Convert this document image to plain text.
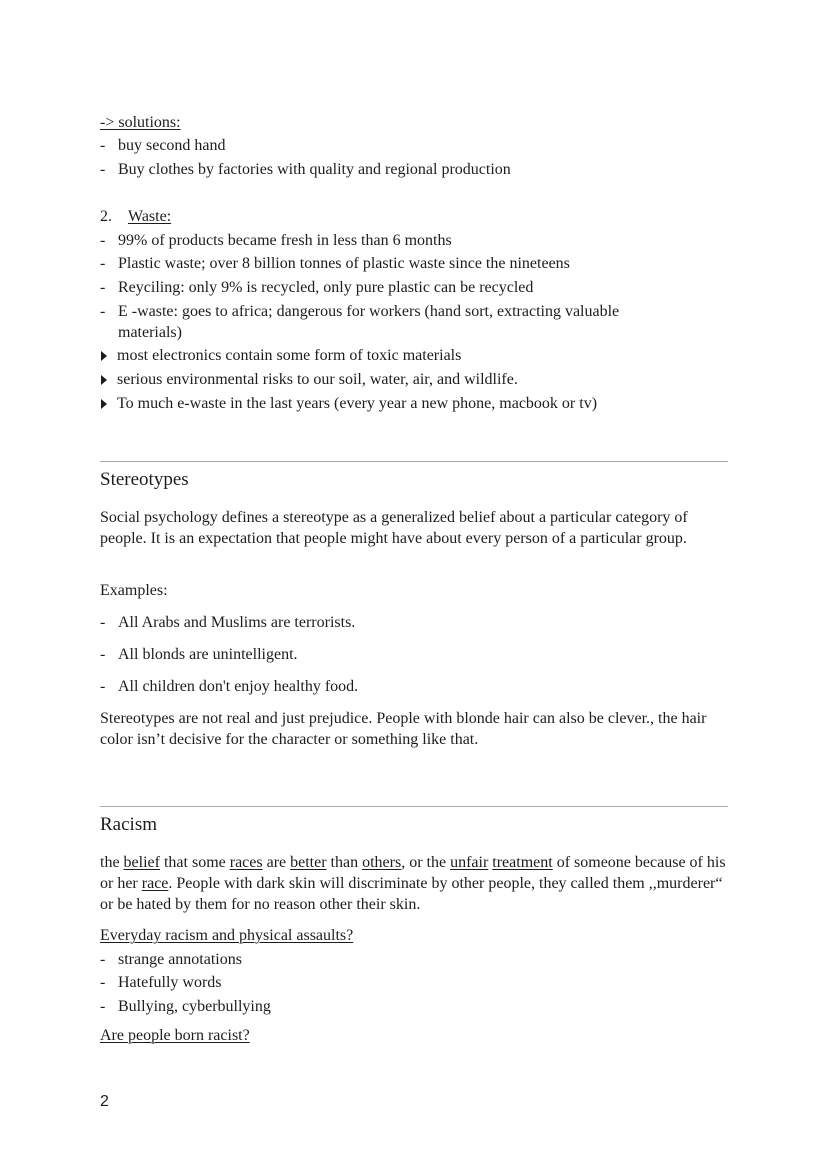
-> solutions:
- buy second hand
- Buy clothes by factories with quality and regional production
2. Waste:
- 99% of products became fresh in less than 6 months
- Plastic waste; over 8 billion tonnes of plastic waste since the nineteens
- Reyciling: only 9% is recycled, only pure plastic can be recycled
- E -waste: goes to africa; dangerous for workers (hand sort, extracting valuable
materials)
most electronics contain some form of toxic materials
serious environmental risks to our soil, water, air, and wildlife.
To much e-waste in the last years (every year a new phone, macbook or tv)
Stereotypes
Social psychology defines a stereotype as a generalized belief about a particular category of people. It is an expectation that people might have about every person of a particular group.
Examples:
- All Arabs and Muslims are terrorists.
- All blonds are unintelligent.
- All children don't enjoy healthy food.
Stereotypes are not real and just prejudice. People with blonde hair can also be clever., the hair color isn’t decisive for the character or something like that.
Racism
the belief that some races are better than others, or the unfair treatment of someone because of his or her race. People with dark skin will discriminate by other people, they called them ,,murderer“ or be hated by them for no reason other their skin.
Everyday racism and physical assaults?
- strange annotations
- Hatefully words
- Bullying, cyberbullying
Are people born racist?
2
